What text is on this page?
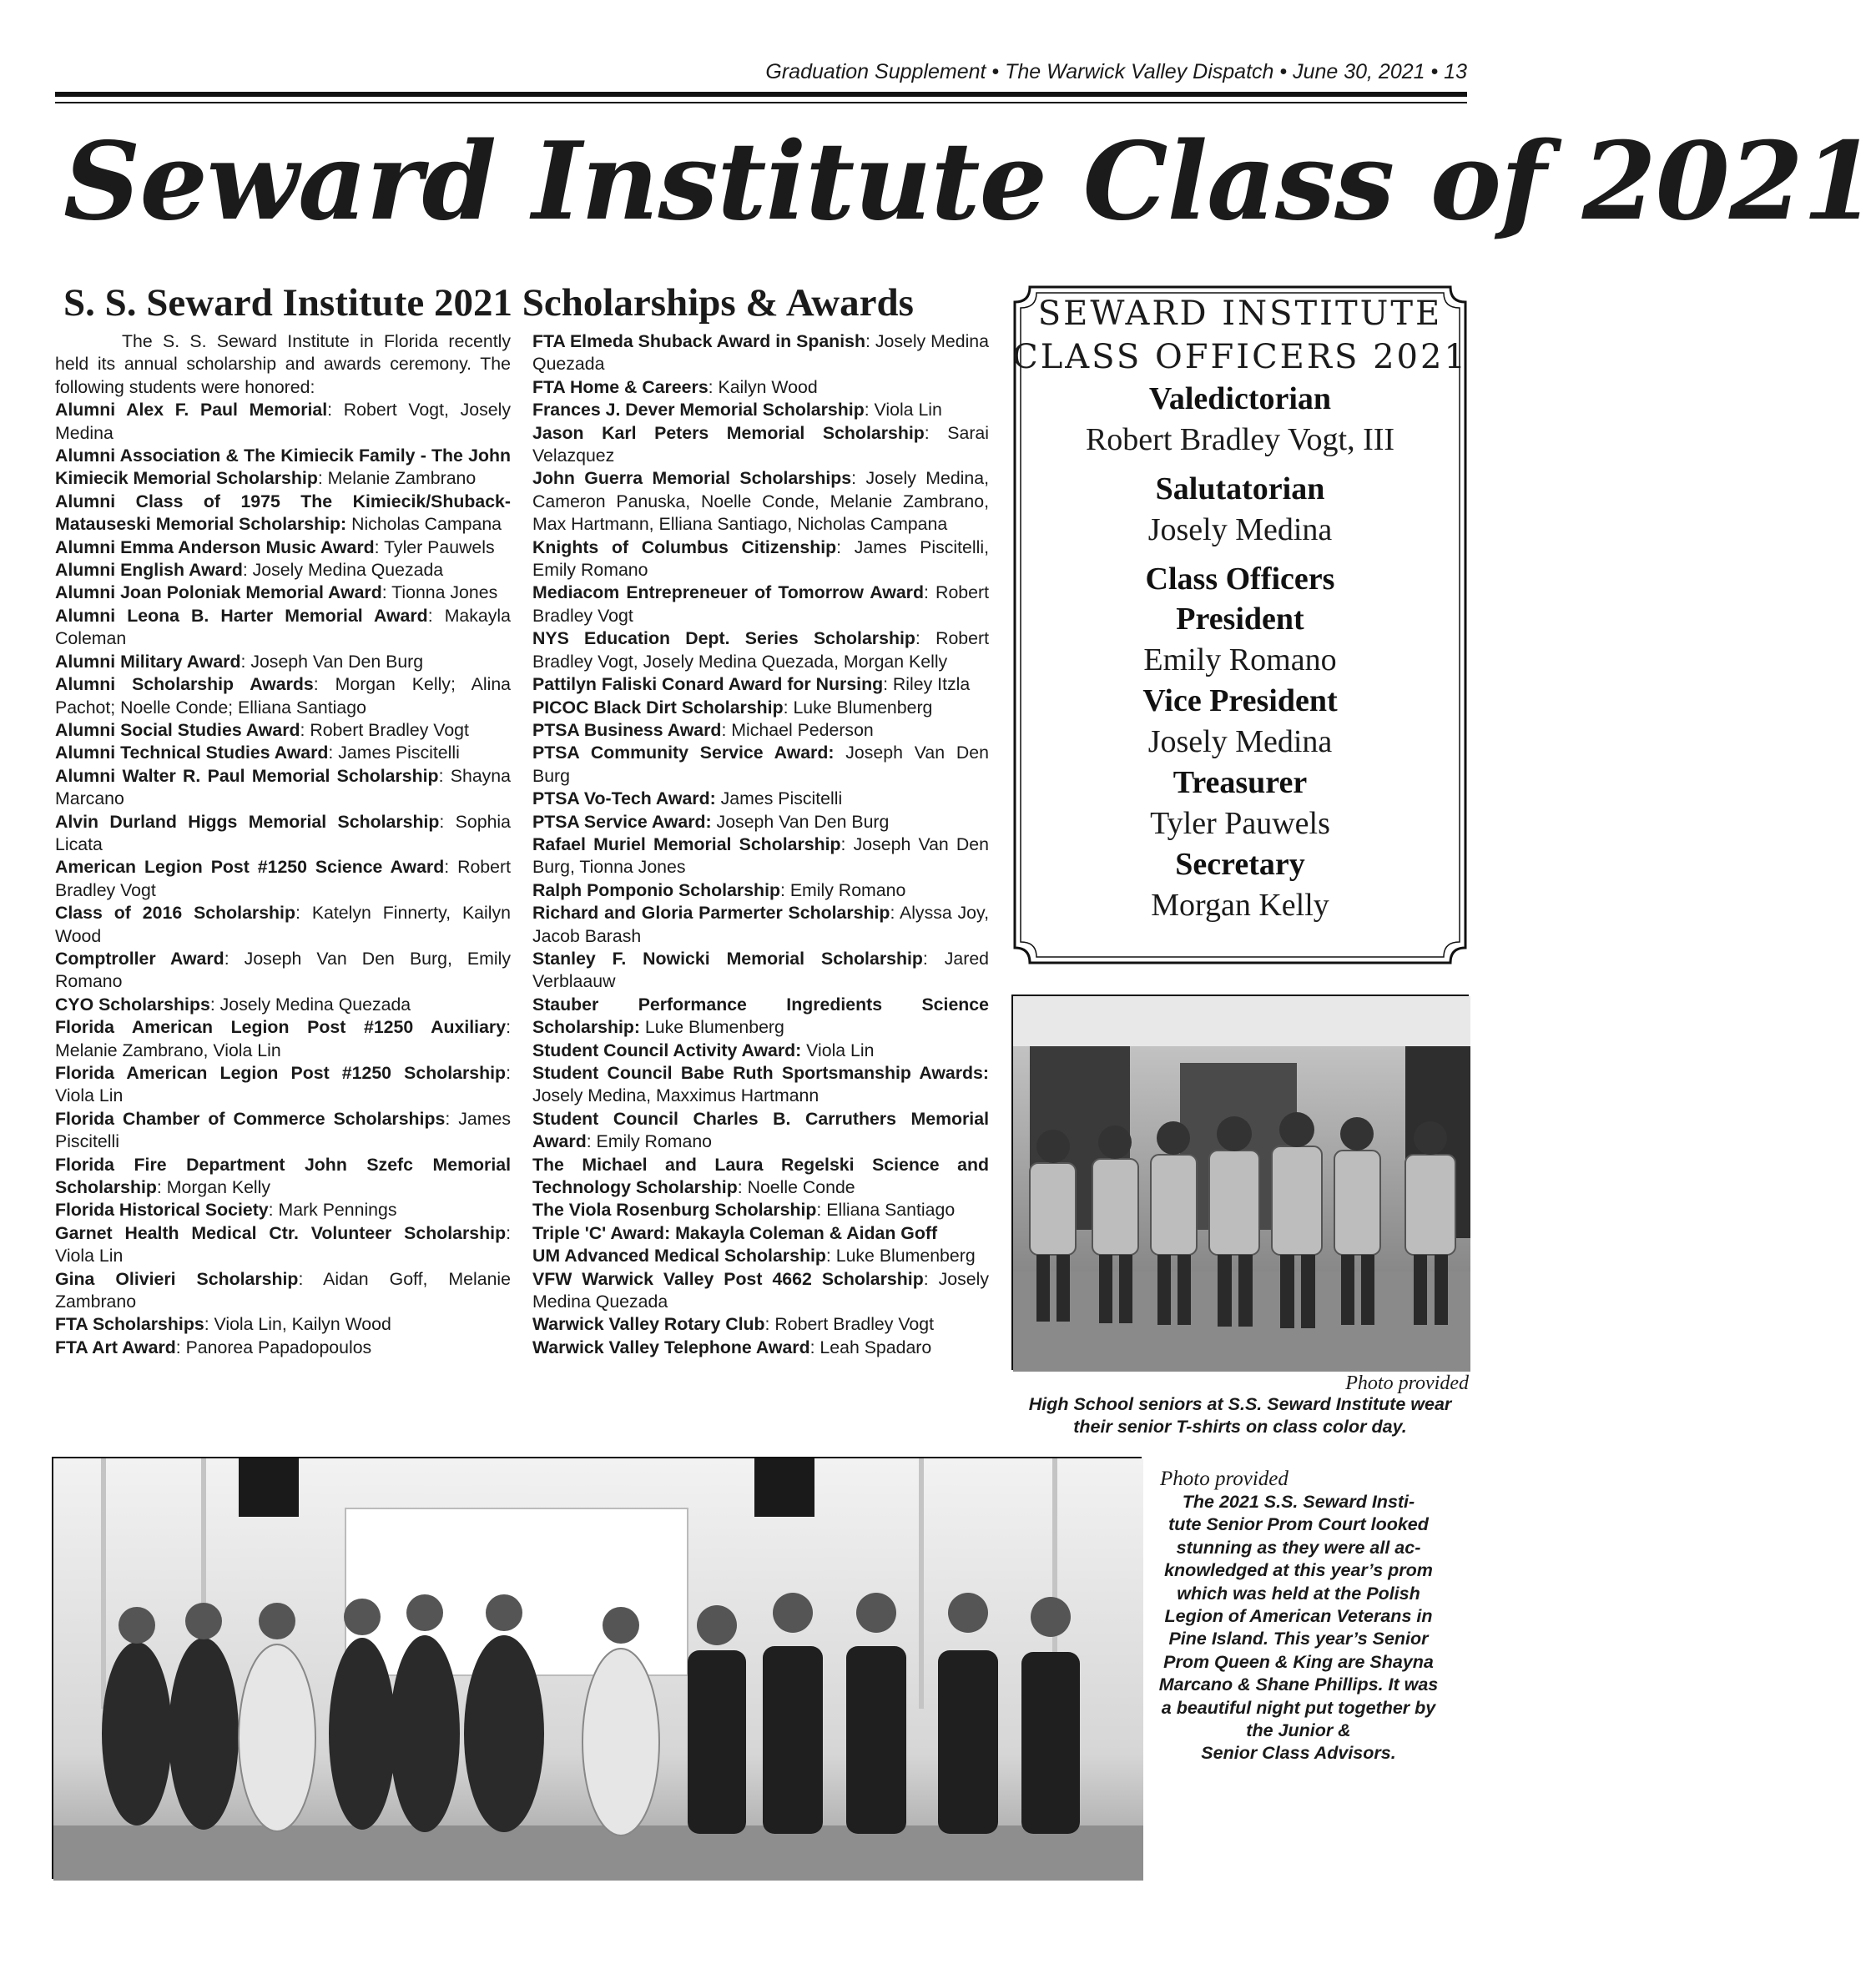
Graduation Supplement • The Warwick Valley Dispatch • June 30, 2021 • 13
Seward Institute Class of 2021
S. S. Seward Institute 2021 Scholarships & Awards

The S. S. Seward Institute in Florida recently held its annual scholarship and awards ceremony. The following students were honored:

Alumni Alex F. Paul Memorial: Robert Vogt, Josely Medina

Alumni Association & The Kimiecik Family - The John Kimiecik Memorial Scholarship: Melanie Zambrano

Alumni Class of 1975 The Kimiecik/Shuback-Matauseski Memorial Scholarship: Nicholas Campana

Alumni Emma Anderson Music Award: Tyler Pauwels

Alumni English Award: Josely Medina Quezada

Alumni Joan Poloniak Memorial Award: Tionna Jones

Alumni Leona B. Harter Memorial Award: Makayla Coleman

Alumni Military Award: Joseph Van Den Burg

Alumni Scholarship Awards: Morgan Kelly; Alina Pachot; Noelle Conde; Elliana Santiago

Alumni Social Studies Award: Robert Bradley Vogt

Alumni Technical Studies Award: James Piscitelli

Alumni Walter R. Paul Memorial Scholarship: Shayna Marcano

Alvin Durland Higgs Memorial Scholarship: Sophia Licata

American Legion Post #1250 Science Award: Robert Bradley Vogt

Class of 2016 Scholarship: Katelyn Finnerty, Kailyn Wood

Comptroller Award: Joseph Van Den Burg, Emily Romano

CYO Scholarships: Josely Medina Quezada

Florida American Legion Post #1250 Auxiliary: Melanie Zambrano, Viola Lin

Florida American Legion Post #1250 Scholarship: Viola Lin

Florida Chamber of Commerce Scholarships: James Piscitelli

Florida Fire Department John Szefc Memorial Scholarship: Morgan Kelly

Florida Historical Society: Mark Pennings

Garnet Health Medical Ctr. Volunteer Scholarship: Viola Lin

Gina Olivieri Scholarship: Aidan Goff, Melanie Zambrano

FTA Scholarships: Viola Lin, Kailyn Wood

FTA Art Award: Panorea Papadopoulos

FTA Elmeda Shuback Award in Spanish: Josely Medina Quezada

FTA Home & Careers: Kailyn Wood

Frances J. Dever Memorial Scholarship: Viola Lin

Jason Karl Peters Memorial Scholarship: Sarai Velazquez

John Guerra Memorial Scholarships: Josely Medina, Cameron Panuska, Noelle Conde, Melanie Zambrano, Max Hartmann, Elliana Santiago, Nicholas Campana

Knights of Columbus Citizenship: James Piscitelli, Emily Romano

Mediacom Entrepreneuer of Tomorrow Award: Robert Bradley Vogt

NYS Education Dept. Series Scholarship: Robert Bradley Vogt, Josely Medina Quezada, Morgan Kelly

Pattilyn Faliski Conard Award for Nursing: Riley Itzla

PICOC Black Dirt Scholarship: Luke Blumenberg

PTSA Business Award: Michael Pederson

PTSA Community Service Award: Joseph Van Den Burg

PTSA Vo-Tech Award: James Piscitelli

PTSA Service Award: Joseph Van Den Burg

Rafael Muriel Memorial Scholarship: Joseph Van Den Burg, Tionna Jones

Ralph Pomponio Scholarship: Emily Romano

Richard and Gloria Parmerter Scholarship: Alyssa Joy, Jacob Barash

Stanley F. Nowicki Memorial Scholarship: Jared Verblaauw

Stauber Performance Ingredients Science Scholarship: Luke Blumenberg

Student Council Activity Award: Viola Lin

Student Council Babe Ruth Sportsmanship Awards: Josely Medina, Maxximus Hartmann

Student Council Charles B. Carruthers Memorial Award: Emily Romano

The Michael and Laura Regelski Science and Technology Scholarship: Noelle Conde

The Viola Rosenburg Scholarship: Elliana Santiago

Triple 'C' Award: Makayla Coleman & Aidan Goff

UM Advanced Medical Scholarship: Luke Blumenberg

VFW Warwick Valley Post 4662 Scholarship: Josely Medina Quezada

Warwick Valley Rotary Club: Robert Bradley Vogt

Warwick Valley Telephone Award: Leah Spadaro

SEWARD INSTITUTE

CLASS OFFICERS 2021

Valedictorian

Robert Bradley Vogt, III

Salutatorian

Josely Medina

Class Officers

President

Emily Romano

Vice President

Josely Medina

Treasurer

Tyler Pauwels

Secretary

Morgan Kelly

Photo provided
High School seniors at S.S. Seward Institute wear their senior T-shirts on class color day.
Photo provided

The 2021 S.S. Seward Insti-

tute Senior Prom Court looked

stunning as they were all ac-

knowledged at this year’s prom

which was held at the Polish

Legion of American Veterans in

Pine Island. This year’s Senior

Prom Queen & King are Shayna

Marcano & Shane Phillips. It was

a beautiful night put together by

the Junior &

Senior Class Advisors.
